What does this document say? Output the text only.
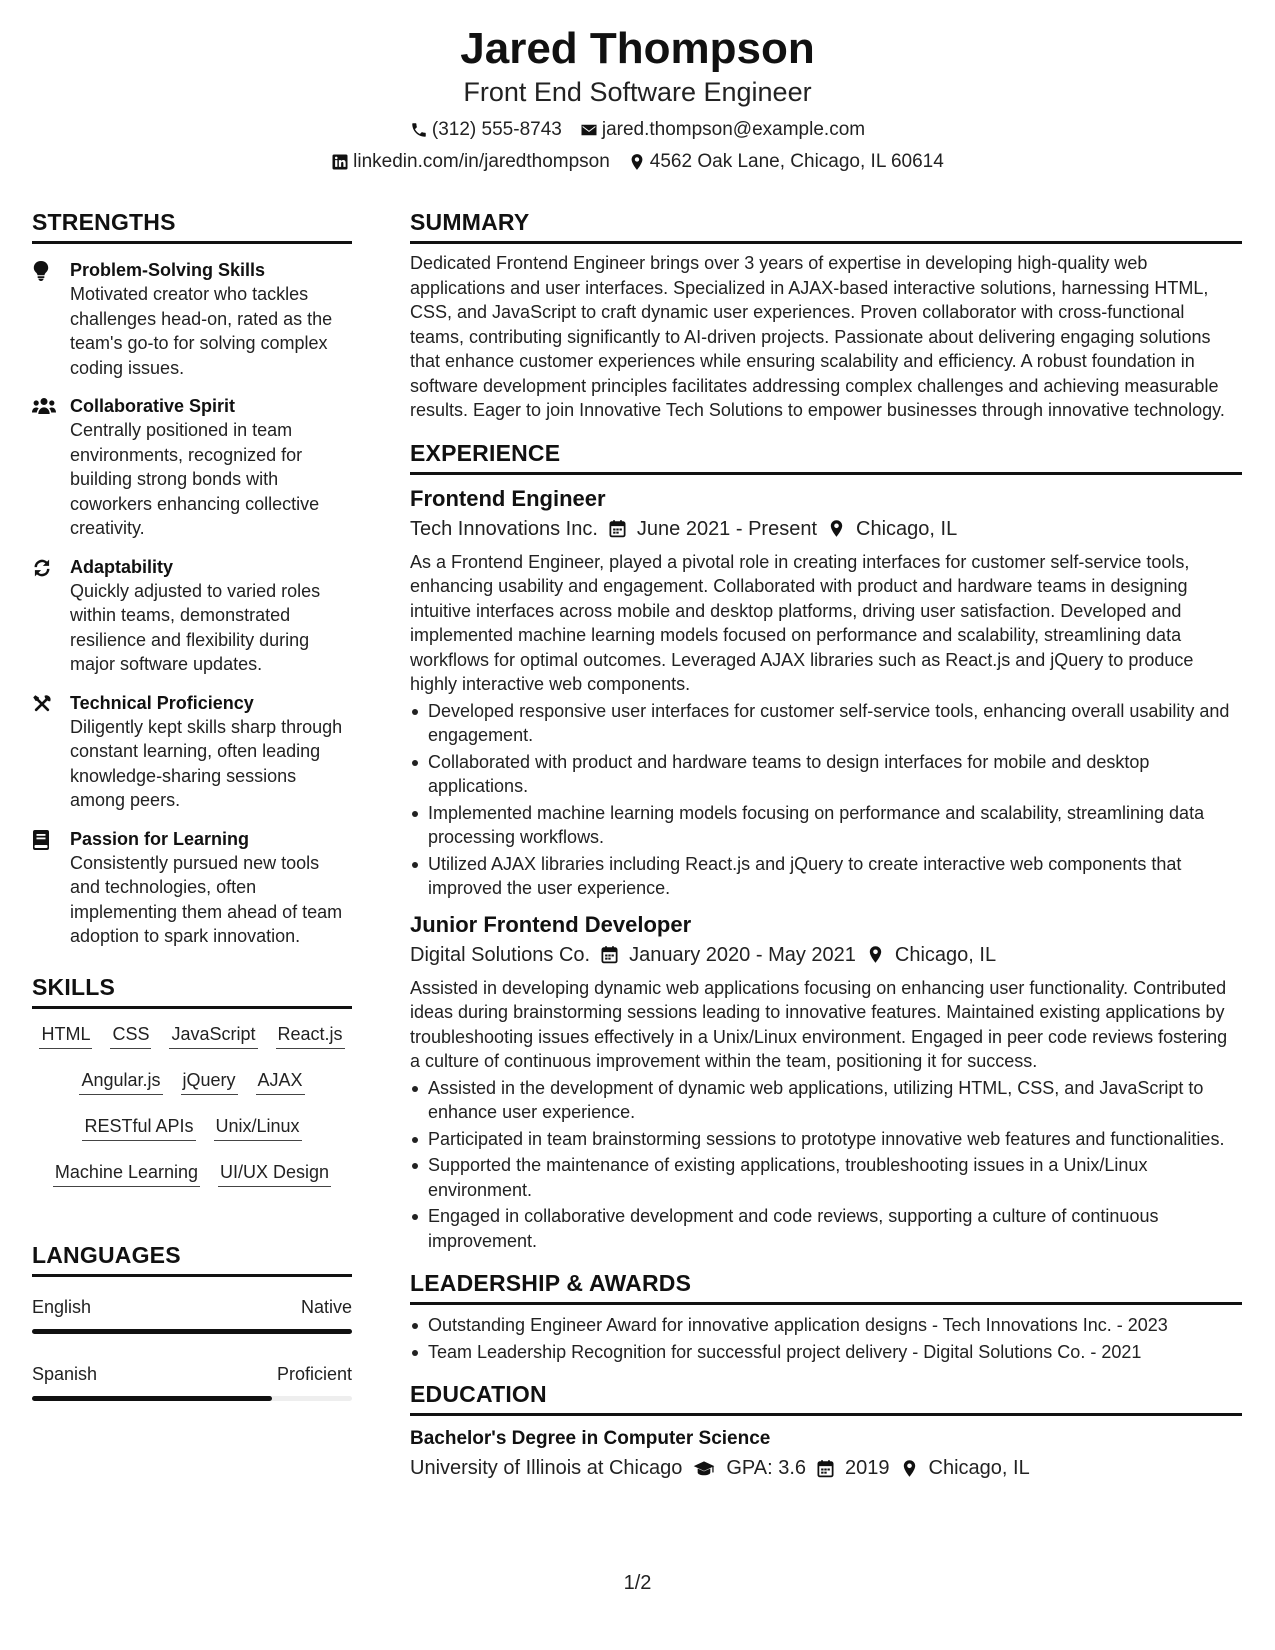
Jared Thompson
Front End Software Engineer
(312) 555-8743 jared.thompson@example.com
linkedin.com/in/jaredthompson 4562 Oak Lane, Chicago, IL 60614
STRENGTHS
Problem-Solving Skills
Motivated creator who tackles challenges head-on, rated as the team's go-to for solving complex coding issues.
Collaborative Spirit
Centrally positioned in team environments, recognized for building strong bonds with coworkers enhancing collective creativity.
Adaptability
Quickly adjusted to varied roles within teams, demonstrated resilience and flexibility during major software updates.
Technical Proficiency
Diligently kept skills sharp through constant learning, often leading knowledge-sharing sessions among peers.
Passion for Learning
Consistently pursued new tools and technologies, often implementing them ahead of team adoption to spark innovation.
SKILLS
HTML CSS JavaScript React.js
Angular.js jQuery AJAX
RESTful APIs Unix/Linux
Machine Learning UI/UX Design
LANGUAGES
English	Native
Spanish	Proficient
SUMMARY
Dedicated Frontend Engineer brings over 3 years of expertise in developing high-quality web applications and user interfaces. Specialized in AJAX-based interactive solutions, harnessing HTML, CSS, and JavaScript to craft dynamic user experiences. Proven collaborator with cross-functional teams, contributing significantly to AI-driven projects. Passionate about delivering engaging solutions that enhance customer experiences while ensuring scalability and efficiency. A robust foundation in software development principles facilitates addressing complex challenges and achieving measurable results. Eager to join Innovative Tech Solutions to empower businesses through innovative technology.
EXPERIENCE
Frontend Engineer
Tech Innovations Inc. June 2021 - Present Chicago, IL
As a Frontend Engineer, played a pivotal role in creating interfaces for customer self-service tools, enhancing usability and engagement. Collaborated with product and hardware teams in designing intuitive interfaces across mobile and desktop platforms, driving user satisfaction. Developed and implemented machine learning models focused on performance and scalability, streamlining data workflows for optimal outcomes. Leveraged AJAX libraries such as React.js and jQuery to produce highly interactive web components.
Developed responsive user interfaces for customer self-service tools, enhancing overall usability and engagement.
Collaborated with product and hardware teams to design interfaces for mobile and desktop applications.
Implemented machine learning models focusing on performance and scalability, streamlining data processing workflows.
Utilized AJAX libraries including React.js and jQuery to create interactive web components that improved the user experience.
Junior Frontend Developer
Digital Solutions Co. January 2020 - May 2021 Chicago, IL
Assisted in developing dynamic web applications focusing on enhancing user functionality. Contributed ideas during brainstorming sessions leading to innovative features. Maintained existing applications by troubleshooting issues effectively in a Unix/Linux environment. Engaged in peer code reviews fostering a culture of continuous improvement within the team, positioning it for success.
Assisted in the development of dynamic web applications, utilizing HTML, CSS, and JavaScript to enhance user experience.
Participated in team brainstorming sessions to prototype innovative web features and functionalities.
Supported the maintenance of existing applications, troubleshooting issues in a Unix/Linux environment.
Engaged in collaborative development and code reviews, supporting a culture of continuous improvement.
LEADERSHIP & AWARDS
Outstanding Engineer Award for innovative application designs - Tech Innovations Inc. - 2023
Team Leadership Recognition for successful project delivery - Digital Solutions Co. - 2021
EDUCATION
Bachelor's Degree in Computer Science
University of Illinois at Chicago GPA: 3.6 2019 Chicago, IL
1/2
